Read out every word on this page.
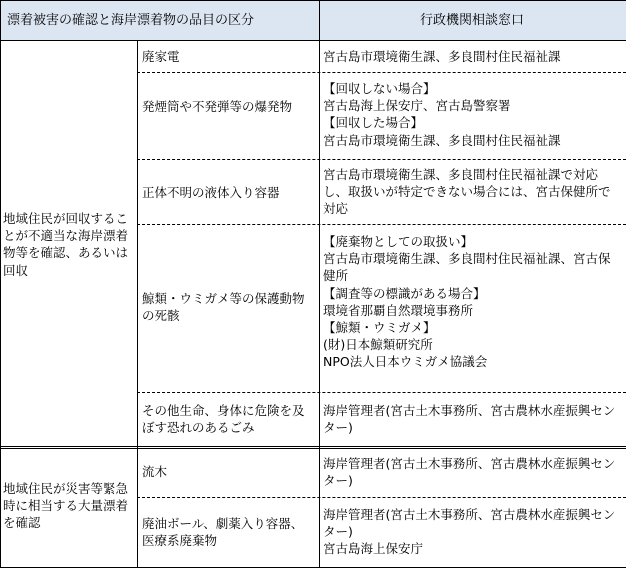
漂着被害の確認と海岸漂着物の品目の区分	行政機関相談窓口
地域住民が回収することが不適当な海岸漂着物等を確認、あるいは回収
廃家電	宮古島市環境衛生課、多良間村住民福祉課
発煙筒や不発弾等の爆発物
【回収しない場合】
宮古島海上保安庁、宮古島警察署
【回収した場合】
宮古島市環境衛生課、多良間村住民福祉課
正体不明の液体入り容器
宮古島市環境衛生課、多良間村住民福祉課で対応し、取扱いが特定できない場合には、宮古保健所で対応
鯨類・ウミガメ等の保護動物の死骸
【廃棄物としての取扱い】
宮古島市環境衛生課、多良間村住民福祉課、宮古保健所
【調査等の標識がある場合】
環境省那覇自然環境事務所
【鯨類・ウミガメ】
(財)日本鯨類研究所
NPO法人日本ウミガメ協議会
その他生命、身体に危険を及ぼす恐れのあるごみ
海岸管理者(宮古土木事務所、宮古農林水産振興センター)
地域住民が災害等緊急時に相当する大量漂着を確認
流木
海岸管理者(宮古土木事務所、宮古農林水産振興センター)
廃油ボール、劇薬入り容器、医療系廃棄物
海岸管理者(宮古土木事務所、宮古農林水産振興センター)
宮古島海上保安庁
